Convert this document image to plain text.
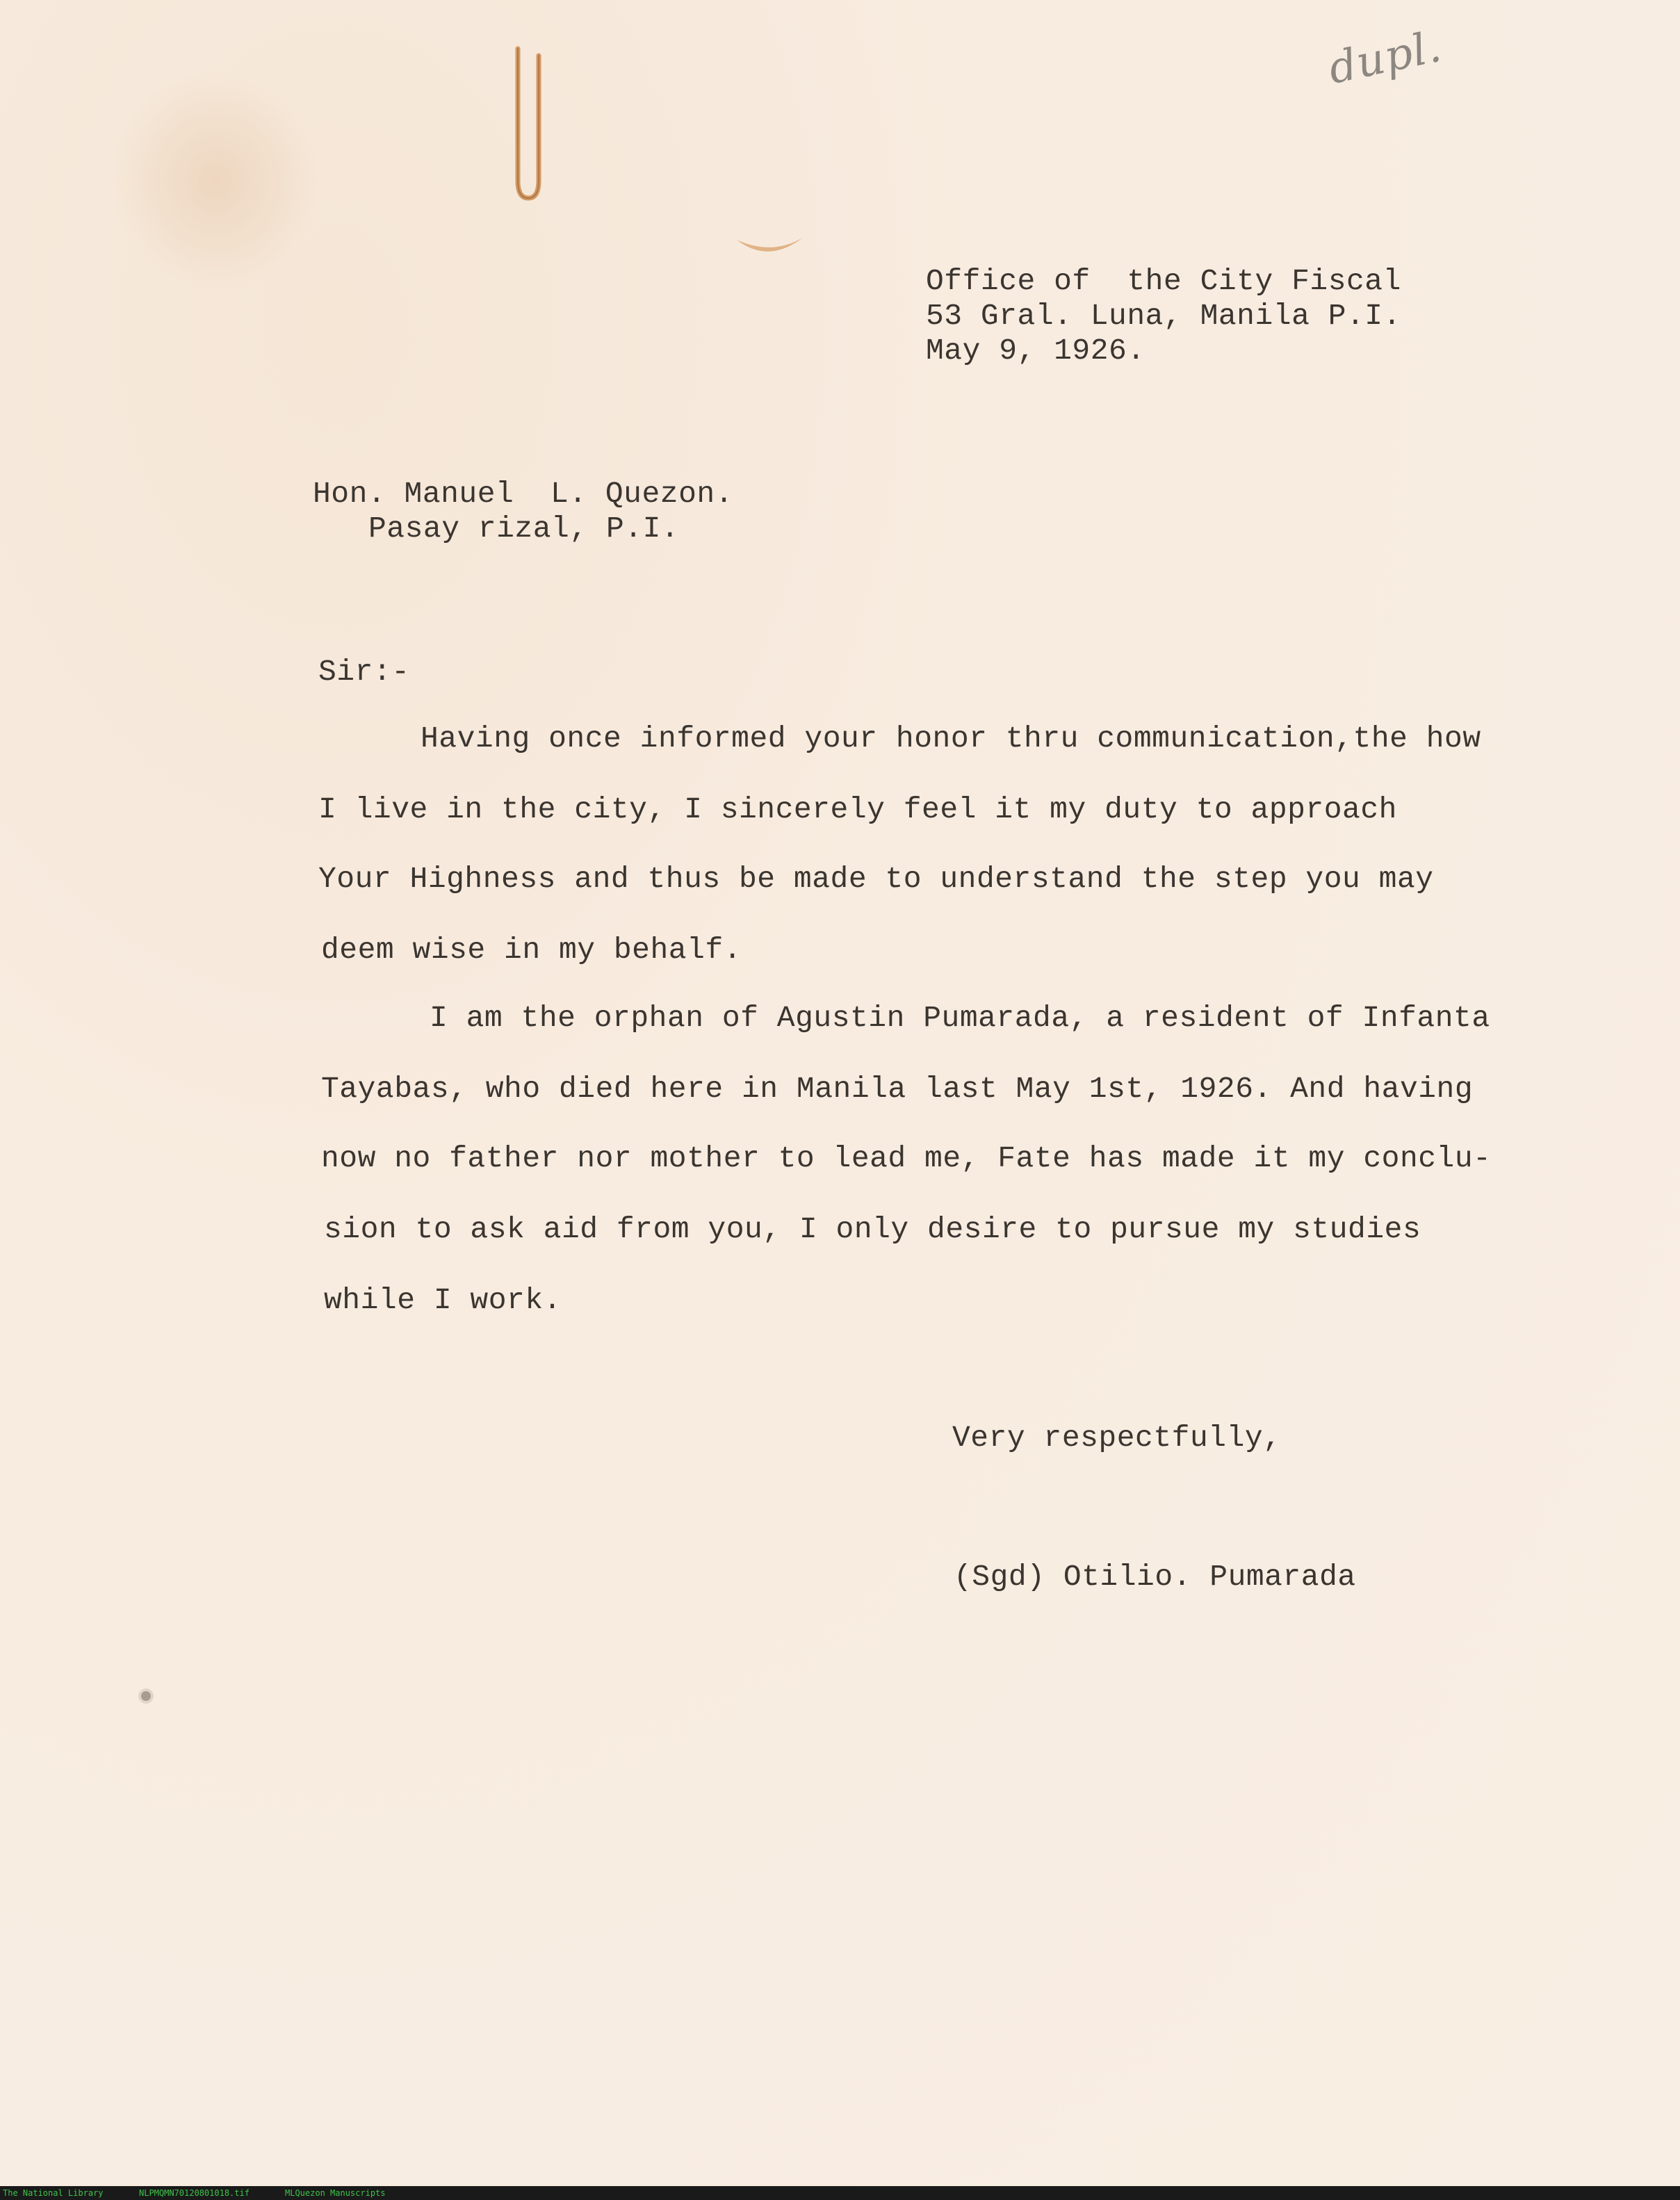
dupl.
Office of  the City Fiscal
53 Gral. Luna, Manila P.I.
May 9, 1926.
Hon. Manuel  L. Quezon.
Pasay rizal, P.I.
Sir:-
Having once informed your honor thru communication,the how
I live in the city, I sincerely feel it my duty to approach
Your Highness and thus be made to understand the step you may
deem wise in my behalf.
I am the orphan of Agustin Pumarada, a resident of Infanta
Tayabas, who died here in Manila last May 1st, 1926. And having
now no father nor mother to lead me, Fate has made it my conclu-
sion to ask aid from you, I only desire to pursue my studies
while I work.
Very respectfully,
(Sgd) Otilio. Pumarada
The National Library	NLPMQMN70120801018.tif	MLQuezon Manuscripts
